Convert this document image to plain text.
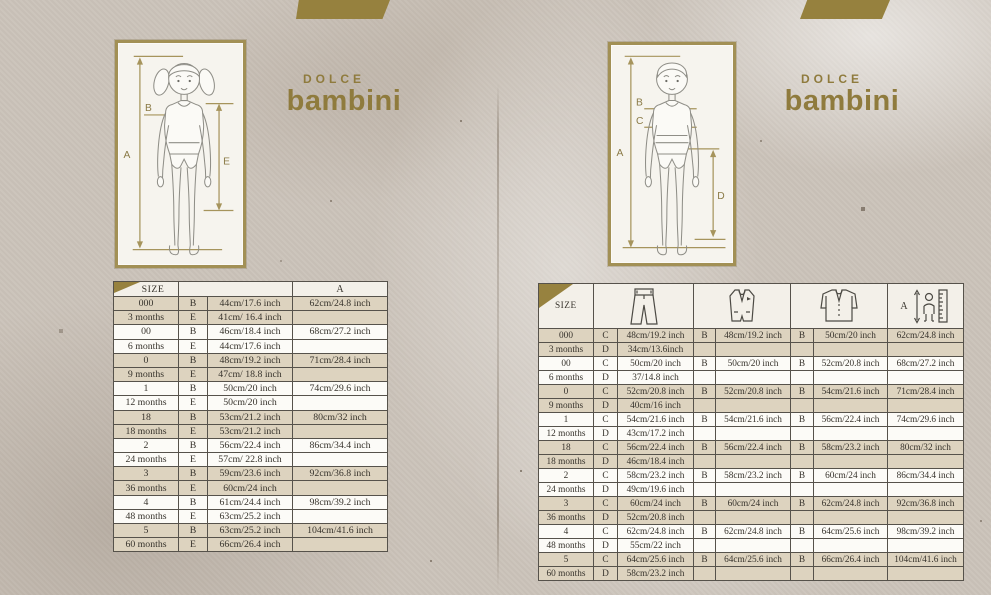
A
B
E
A
B
C
D
DOLCE
bambini
DOLCE
bambini
SIZE			A
000	B	44cm/17.6 inch	62cm/24.8 inch
3 months	E	41cm/ 16.4 inch	
00	B	46cm/18.4 inch	68cm/27.2 inch
6 months	E	44cm/17.6 inch	
0	B	48cm/19.2 inch	71cm/28.4 inch
9 months	E	47cm/ 18.8 inch	
1	B	50cm/20 inch	74cm/29.6 inch
12 months	E	50cm/20 inch	
18	B	53cm/21.2 inch	80cm/32 inch
18 months	E	53cm/21.2 inch	
2	B	56cm/22.4 inch	86cm/34.4 inch
24 months	E	57cm/ 22.8 inch	
3	B	59cm/23.6 inch	92cm/36.8 inch
36 months	E	60cm/24 inch	
4	B	61cm/24.4 inch	98cm/39.2 inch
48 months	E	63cm/25.2 inch	
5	B	63cm/25.2 inch	104cm/41.6 inch
60 months	E	66cm/26.4 inch	
SIZE							A

000	C	48cm/19.2 inch	B	48cm/19.2 inch	B	50cm/20 inch	62cm/24.8 inch
3 months	D	34cm/13.6inch					
00	C	50cm/20 inch	B	50cm/20 inch	B	52cm/20.8 inch	68cm/27.2 inch
6 months	D	37/14.8 inch					
0	C	52cm/20.8 inch	B	52cm/20.8 inch	B	54cm/21.6 inch	71cm/28.4 inch
9 months	D	40cm/16 inch					
1	C	54cm/21.6 inch	B	54cm/21.6 inch	B	56cm/22.4 inch	74cm/29.6 inch
12 months	D	43cm/17.2 inch					
18	C	56cm/22.4 inch	B	56cm/22.4 inch	B	58cm/23.2 inch	80cm/32 inch
18 months	D	46cm/18.4 inch					
2	C	58cm/23.2 inch	B	58cm/23.2 inch	B	60cm/24 inch	86cm/34.4 inch
24 months	D	49cm/19.6 inch					
3	C	60cm/24 inch	B	60cm/24 inch	B	62cm/24.8 inch	92cm/36.8 inch
36 months	D	52cm/20.8 inch					
4	C	62cm/24.8 inch	B	62cm/24.8 inch	B	64cm/25.6 inch	98cm/39.2 inch
48 months	D	55cm/22 inch					
5	C	64cm/25.6 inch	B	64cm/25.6 inch	B	66cm/26.4 inch	104cm/41.6 inch
60 months	D	58cm/23.2 inch					
